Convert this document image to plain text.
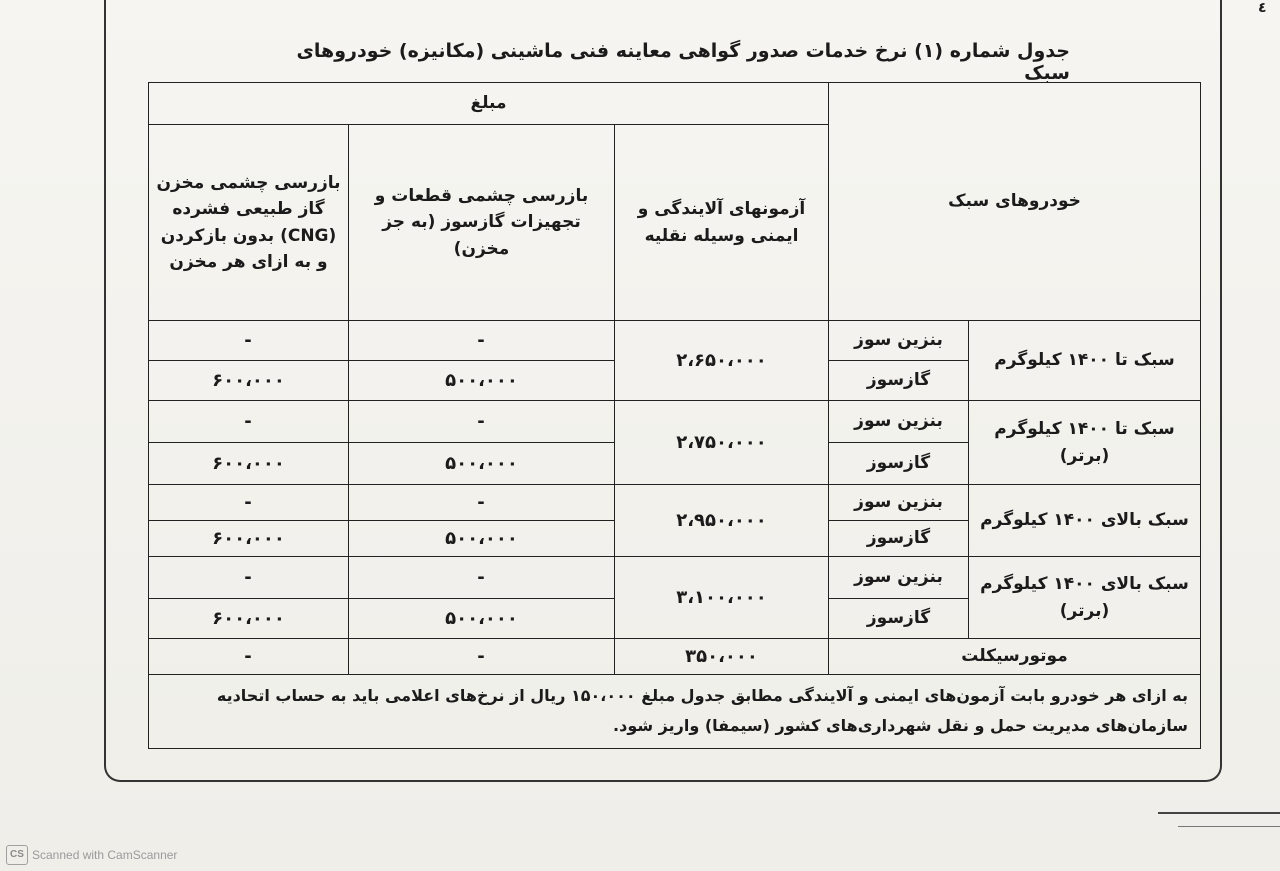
٤
جدول شماره (۱) نرخ خدمات صدور گواهی معاینه فنی ماشینی (مکانیزه) خودروهای سبک
خودروهای سبک		مبلغ		
		آزمونهای آلایندگی و ایمنی وسیله نقلیه	بازرسی چشمی قطعات و تجهیزات گازسوز (به جز مخزن)	بازرسی چشمی مخزن گاز طبیعی فشرده (CNG) بدون بازکردن و به ازای هر مخزن
سبک تا ۱۴۰۰ کیلوگرم	بنزین سوز	۲،۶۵۰،۰۰۰	-	-
	گازسوز		۵۰۰،۰۰۰	۶۰۰،۰۰۰
سبک تا ۱۴۰۰ کیلوگرم (برتر)	بنزین سوز	۲،۷۵۰،۰۰۰	-	-
	گازسوز		۵۰۰،۰۰۰	۶۰۰،۰۰۰
سبک بالای ۱۴۰۰ کیلوگرم	بنزین سوز	۲،۹۵۰،۰۰۰	-	-
	گازسوز		۵۰۰،۰۰۰	۶۰۰،۰۰۰
سبک بالای ۱۴۰۰ کیلوگرم (برتر)	بنزین سوز	۳،۱۰۰،۰۰۰	-	-
	گازسوز		۵۰۰،۰۰۰	۶۰۰،۰۰۰
موتورسیکلت		۳۵۰،۰۰۰	-	-
به ازای هر خودرو بابت آزمون‌های ایمنی و آلایندگی مطابق جدول مبلغ ۱۵۰،۰۰۰ ریال از نرخ‌های اعلامی باید به حساب اتحادیه سازمان‌های مدیریت حمل و نقل شهرداری‌های کشور (سیمفا) واریز شود.				
CS Scanned with CamScanner
